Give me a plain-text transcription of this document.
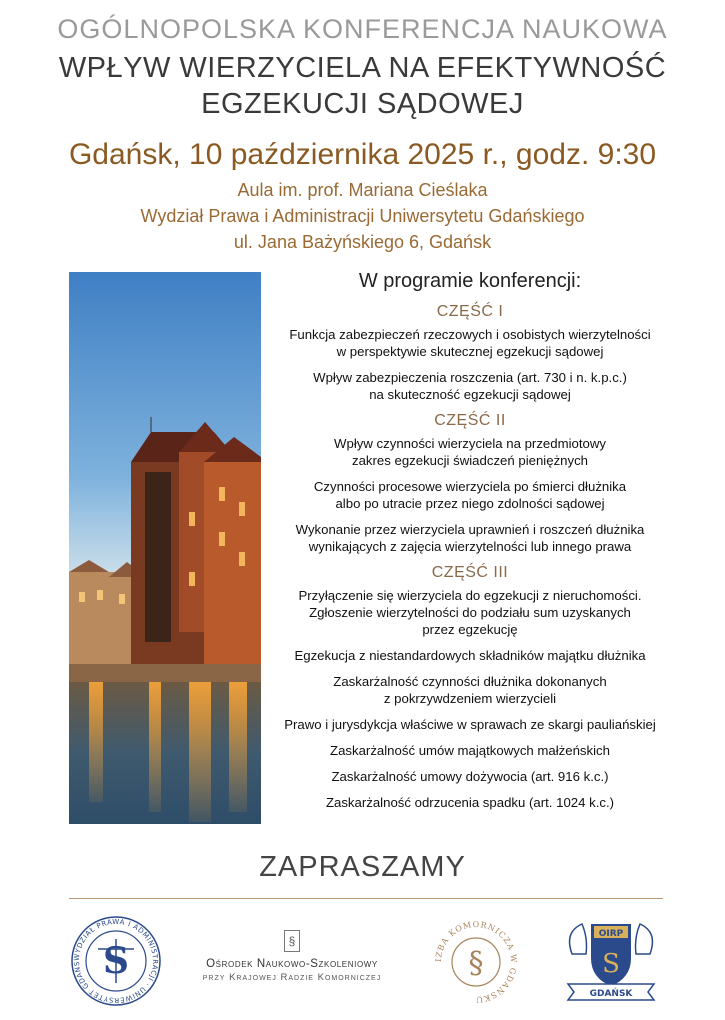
OGÓLNOPOLSKA KONFERENCJA NAUKOWA
WPŁYW WIERZYCIELA NA EFEKTYWNOŚĆ
EGZEKUCJI SĄDOWEJ
Gdańsk, 10 października 2025 r., godz. 9:30
Aula im. prof. Mariana Cieślaka
Wydział Prawa i Administracji Uniwersytetu Gdańskiego
ul. Jana Bażyńskiego 6, Gdańsk
W programie konferencji:
CZĘŚĆ I
Funkcja zabezpieczeń rzeczowych i osobistych wierzytelności
w perspektywie skutecznej egzekucji sądowej
Wpływ zabezpieczenia roszczenia (art. 730 i n. k.p.c.)
na skuteczność egzekucji sądowej
CZĘŚĆ II
Wpływ czynności wierzyciela na przedmiotowy
zakres egzekucji świadczeń pieniężnych
Czynności procesowe wierzyciela po śmierci dłużnika
albo po utracie przez niego zdolności sądowej
Wykonanie przez wierzyciela uprawnień i roszczeń dłużnika
wynikających z zajęcia wierzytelności lub innego prawa
CZĘŚĆ III
Przyłączenie się wierzyciela do egzekucji z nieruchomości.
Zgłoszenie wierzytelności do podziału sum uzyskanych
przez egzekucję
Egzekucja z niestandardowych składników majątku dłużnika
Zaskarżalność czynności dłużnika dokonanych
z pokrzywdzeniem wierzycieli
Prawo i jurysdykcja właściwe w sprawach ze skargi pauliańskiej
Zaskarżalność umów majątkowych małżeńskich
Zaskarżalność umowy dożywocia (art. 916 k.c.)
Zaskarżalność odrzucenia spadku (art. 1024 k.c.)
ZAPRASZAMY
WYDZIAŁ PRAWA I ADMINISTRACJI · UNIWERSYTET GDAŃS S	§
Ośrodek Naukowo-Szkoleniowy
przy Krajowej Radzie Komorniczej
IZBA KOMORNICZA W GDAŃSKU
§
OIRP
S
GDAŃSK
